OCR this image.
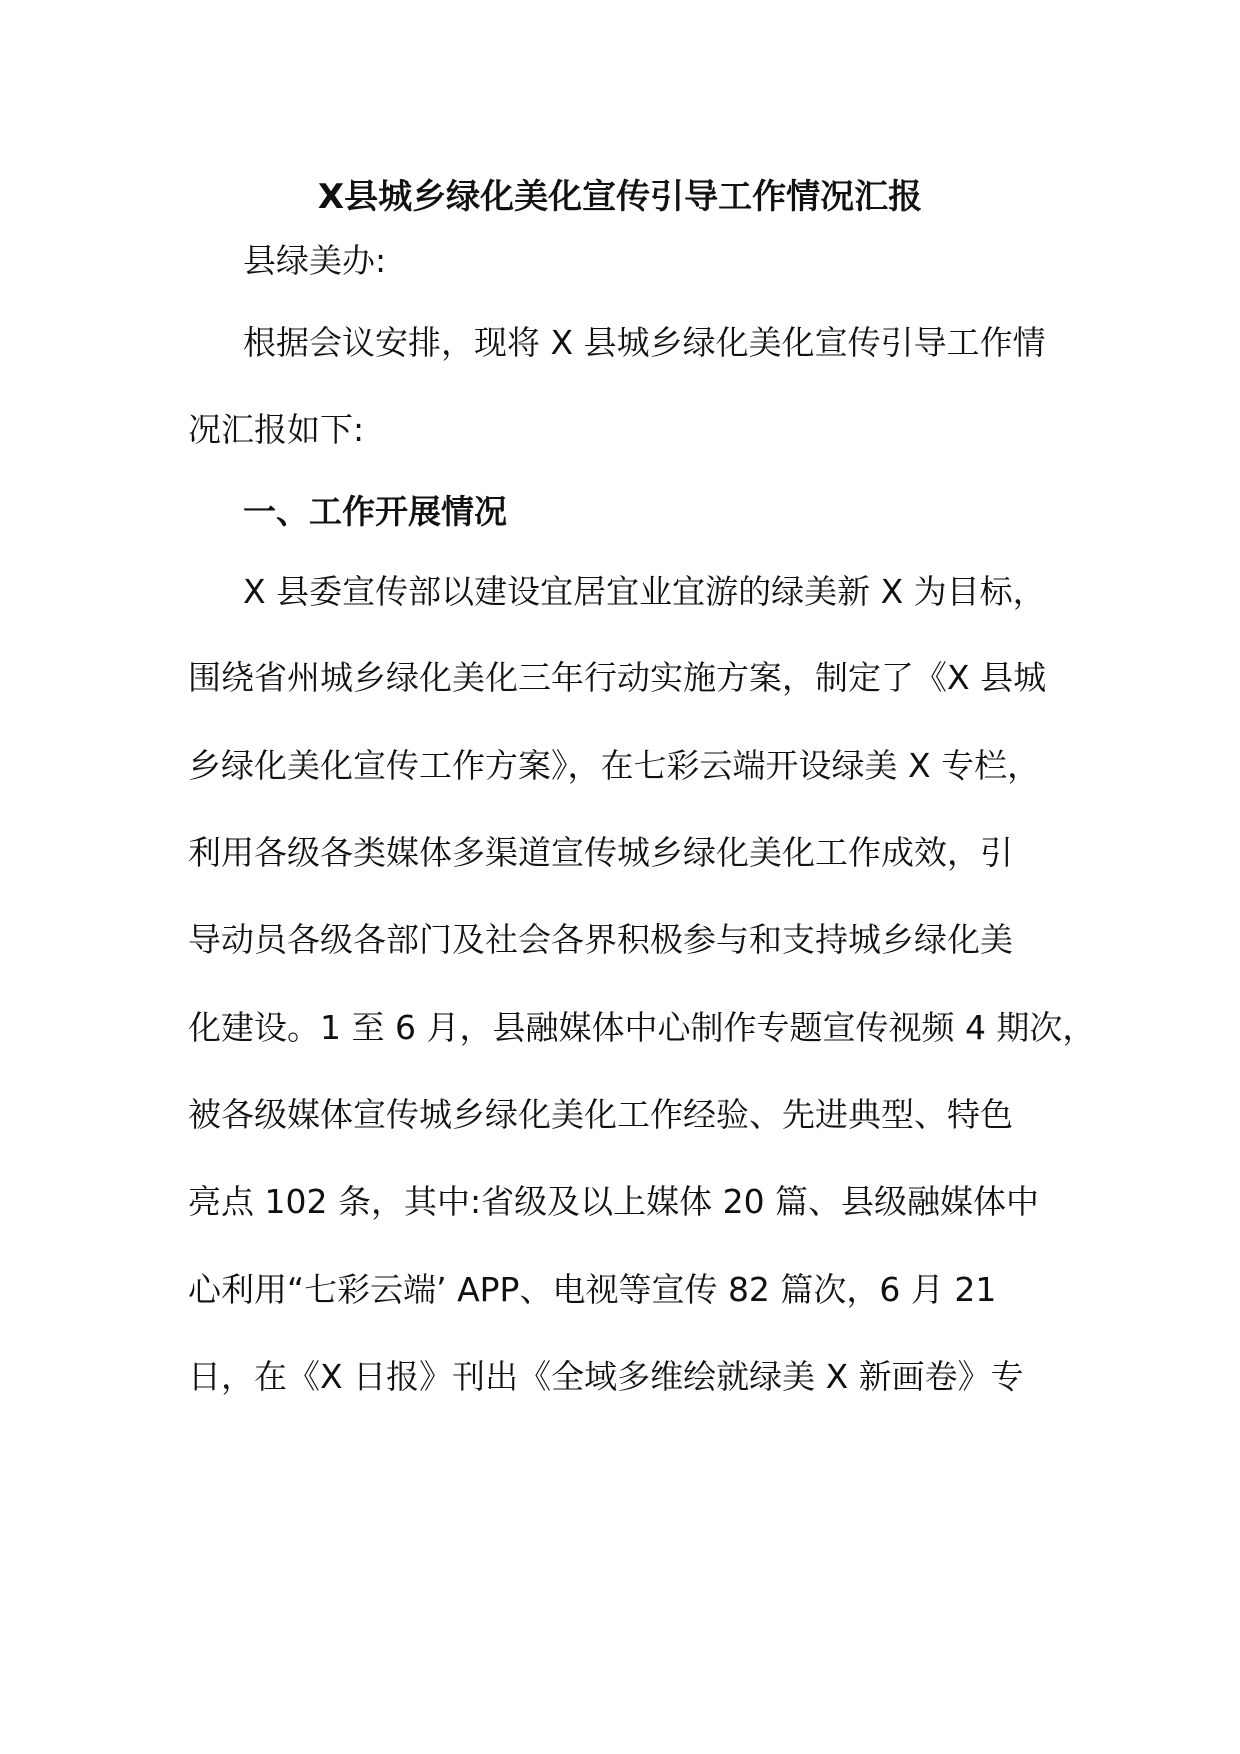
X县城乡绿化美化宣传引导工作情况汇报
县绿美办:
根据会议安排，现将 X 县城乡绿化美化宣传引导工作情
况汇报如下:
一、工作开展情况
X 县委宣传部以建设宜居宜业宜游的绿美新 X 为目标，
围绕省州城乡绿化美化三年行动实施方案，制定了《X 县城
乡绿化美化宣传工作方案》，在七彩云端开设绿美 X 专栏，
利用各级各类媒体多渠道宣传城乡绿化美化工作成效，引
导动员各级各部门及社会各界积极参与和支持城乡绿化美
化建设。1 至 6 月，县融媒体中心制作专题宣传视频 4 期次，
被各级媒体宣传城乡绿化美化工作经验、先进典型、特色
亮点 102 条，其中:省级及以上媒体 20 篇、县级融媒体中
心利用“七彩云端’ APP、电视等宣传 82 篇次，6 月 21
日，在《X 日报》刊出《全域多维绘就绿美 X 新画卷》专
